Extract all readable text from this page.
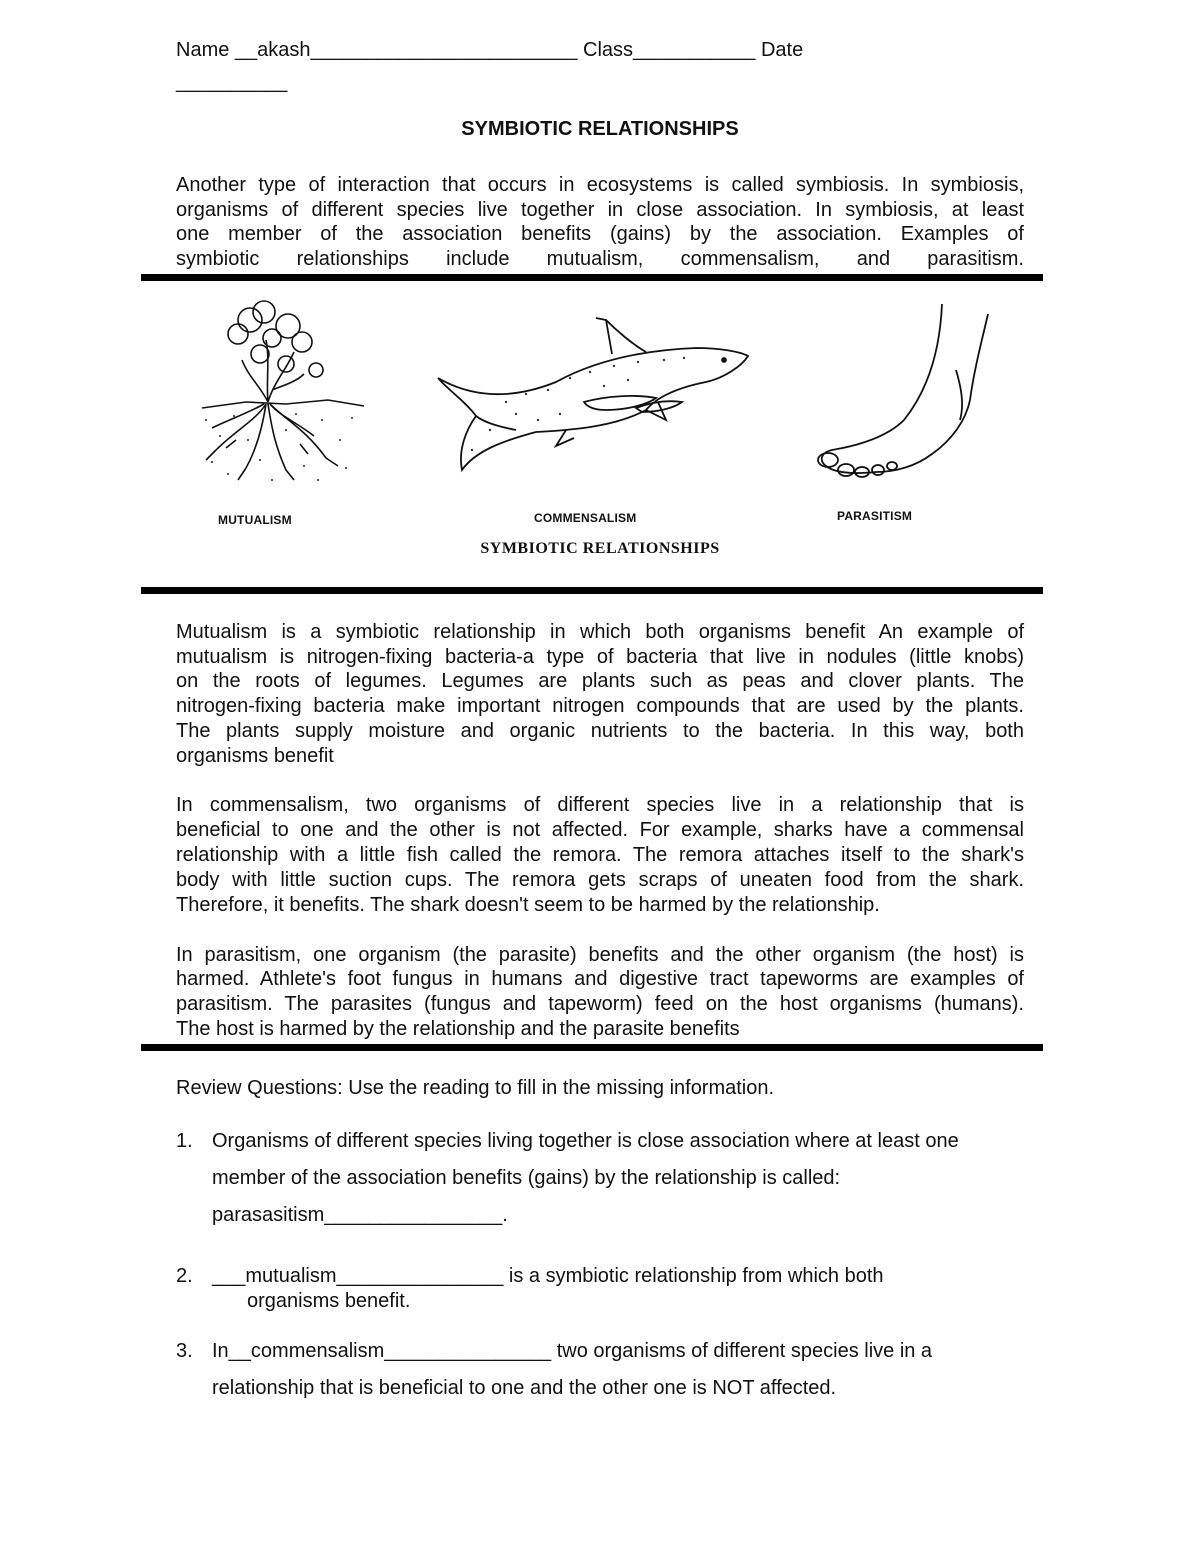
Name __akash________________________ Class___________ Date
__________
SYMBIOTIC RELATIONSHIPS
Another type of interaction that occurs in ecosystems is called symbiosis. In symbiosis,
organisms of different species live together in close association. In symbiosis, at least
one member of the association benefits (gains) by the association. Examples of
symbiotic relationships include mutualism, commensalism, and parasitism.
MUTUALISM	COMMENSALISM	PARASITISM
SYMBIOTIC RELATIONSHIPS
Mutualism is a symbiotic relationship in which both organisms benefit An example of
mutualism is nitrogen-fixing bacteria-a type of bacteria that live in nodules (little knobs)
on the roots of legumes. Legumes are plants such as peas and clover plants. The
nitrogen-fixing bacteria make important nitrogen compounds that are used by the plants.
The plants supply moisture and organic nutrients to the bacteria. In this way, both
organisms benefit
In commensalism, two organisms of different species live in a relationship that is
beneficial to one and the other is not affected. For example, sharks have a commensal
relationship with a little fish called the remora. The remora attaches itself to the shark's
body with little suction cups. The remora gets scraps of uneaten food from the shark.
Therefore, it benefits. The shark doesn't seem to be harmed by the relationship.
In parasitism, one organism (the parasite) benefits and the other organism (the host) is
harmed. Athlete's foot fungus in humans and digestive tract tapeworms are examples of
parasitism. The parasites (fungus and tapeworm) feed on the host organisms (humans).
The host is harmed by the relationship and the parasite benefits
Review Questions: Use the reading to fill in the missing information.
1. Organisms of different species living together is close association where at least one
member of the association benefits (gains) by the relationship is called:
parasasitism________________.
2. ___mutualism_______________ is a symbiotic relationship from which both
organisms benefit.
3. In__commensalism_______________ two organisms of different species live in a
relationship that is beneficial to one and the other one is NOT affected.
